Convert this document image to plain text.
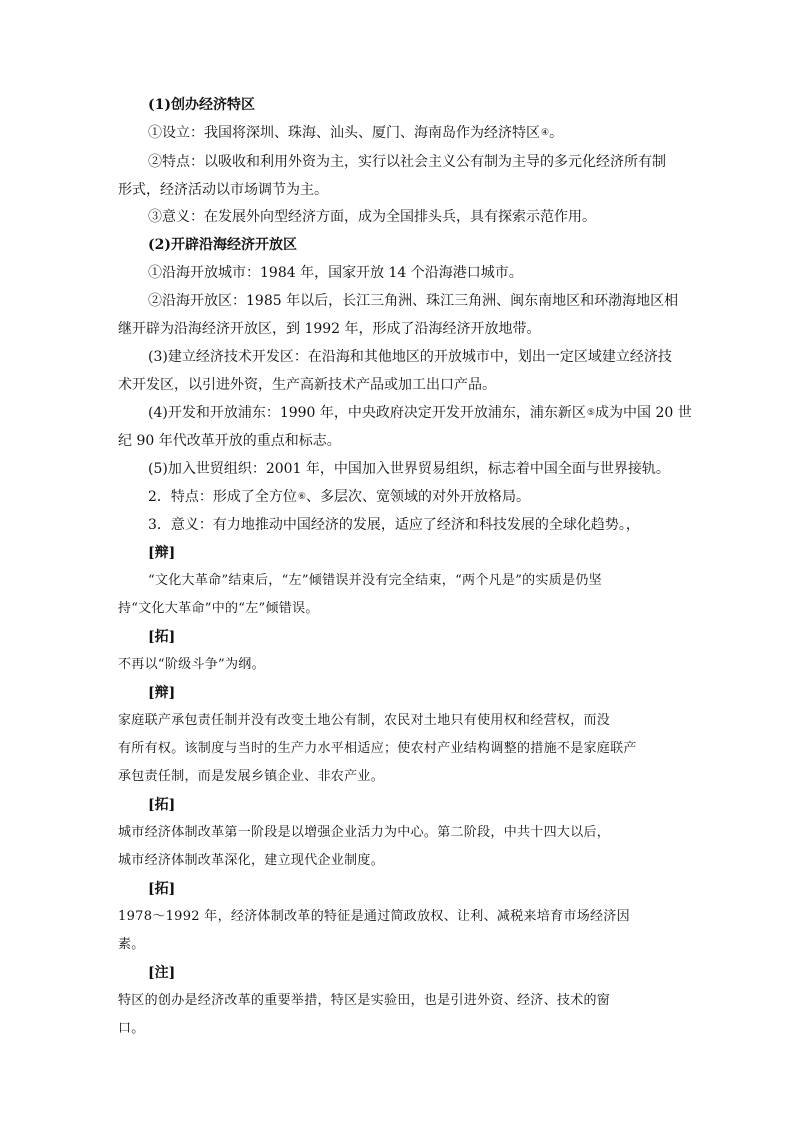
(1)创办经济特区
①设立：我国将深圳、珠海、汕头、厦门、海南岛作为经济特区④。
②特点：以吸收和利用外资为主，实行以社会主义公有制为主导的多元化经济所有制
形式，经济活动以市场调节为主。
③意义：在发展外向型经济方面，成为全国排头兵，具有探索示范作用。
(2)开辟沿海经济开放区
①沿海开放城市：1984 年，国家开放 14 个沿海港口城市。
②沿海开放区：1985 年以后，长江三角洲、珠江三角洲、闽东南地区和环渤海地区相
继开辟为沿海经济开放区，到 1992 年，形成了沿海经济开放地带。
(3)建立经济技术开发区：在沿海和其他地区的开放城市中，划出一定区域建立经济技
术开发区，以引进外资，生产高新技术产品或加工出口产品。
(4)开发和开放浦东：1990 年，中央政府决定开发开放浦东，浦东新区⑤成为中国 20 世
纪 90 年代改革开放的重点和标志。
(5)加入世贸组织：2001 年，中国加入世界贸易组织，标志着中国全面与世界接轨。
2．特点：形成了全方位⑥、多层次、宽领域的对外开放格局。
3．意义：有力地推动中国经济的发展，适应了经济和科技发展的全球化趋势。，
[辩]
“文化大革命”结束后，“左”倾错误并没有完全结束，“两个凡是”的实质是仍坚
持“文化大革命”中的“左”倾错误。
[拓]
不再以“阶级斗争”为纲。
[辩]
家庭联产承包责任制并没有改变土地公有制，农民对土地只有使用权和经营权，而没
有所有权。该制度与当时的生产力水平相适应；使农村产业结构调整的措施不是家庭联产
承包责任制，而是发展乡镇企业、非农产业。
[拓]
城市经济体制改革第一阶段是以增强企业活力为中心。第二阶段，中共十四大以后，
城市经济体制改革深化，建立现代企业制度。
[拓]
1978～1992 年，经济体制改革的特征是通过简政放权、让利、减税来培育市场经济因
素。
[注]
特区的创办是经济改革的重要举措，特区是实验田，也是引进外资、经济、技术的窗
口。
